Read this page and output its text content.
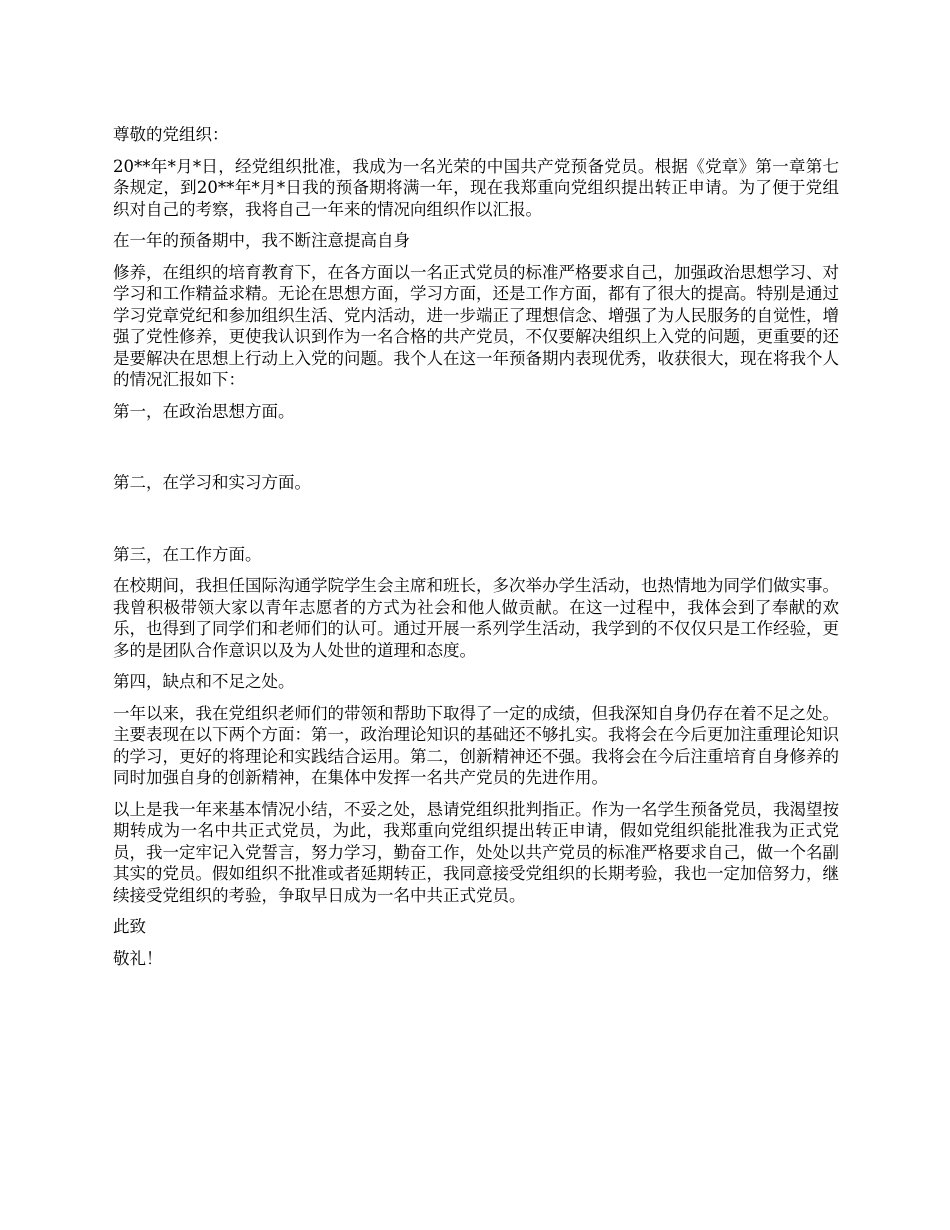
尊敬的党组织：

20**年*月*日，经党组织批准，我成为一名光荣的中国共产党预备党员。根据《党章》第一章第七条规定，到20**年*月*日我的预备期将满一年，现在我郑重向党组织提出转正申请。为了便于党组织对自己的考察，我将自己一年来的情况向组织作以汇报。

在一年的预备期中，我不断注意提高自身

修养，在组织的培育教育下，在各方面以一名正式党员的标准严格要求自己，加强政治思想学习、对学习和工作精益求精。无论在思想方面，学习方面，还是工作方面，都有了很大的提高。特别是通过学习党章党纪和参加组织生活、党内活动，进一步端正了理想信念、增强了为人民服务的自觉性，增强了党性修养，更使我认识到作为一名合格的共产党员，不仅要解决组织上入党的问题，更重要的还是要解决在思想上行动上入党的问题。我个人在这一年预备期内表现优秀，收获很大，现在将我个人的情况汇报如下：

第一，在政治思想方面。

第二，在学习和实习方面。

第三，在工作方面。

在校期间，我担任国际沟通学院学生会主席和班长，多次举办学生活动，也热情地为同学们做实事。我曾积极带领大家以青年志愿者的方式为社会和他人做贡献。在这一过程中，我体会到了奉献的欢乐，也得到了同学们和老师们的认可。通过开展一系列学生活动，我学到的不仅仅只是工作经验，更多的是团队合作意识以及为人处世的道理和态度。

第四，缺点和不足之处。

一年以来，我在党组织老师们的带领和帮助下取得了一定的成绩，但我深知自身仍存在着不足之处。主要表现在以下两个方面：第一，政治理论知识的基础还不够扎实。我将会在今后更加注重理论知识的学习，更好的将理论和实践结合运用。第二，创新精神还不强。我将会在今后注重培育自身修养的同时加强自身的创新精神，在集体中发挥一名共产党员的先进作用。

以上是我一年来基本情况小结，不妥之处，恳请党组织批判指正。作为一名学生预备党员，我渴望按期转成为一名中共正式党员，为此，我郑重向党组织提出转正申请，假如党组织能批准我为正式党员，我一定牢记入党誓言，努力学习，勤奋工作，处处以共产党员的标准严格要求自己，做一个名副其实的党员。假如组织不批准或者延期转正，我同意接受党组织的长期考验，我也一定加倍努力，继续接受党组织的考验，争取早日成为一名中共正式党员。

此致

敬礼！
